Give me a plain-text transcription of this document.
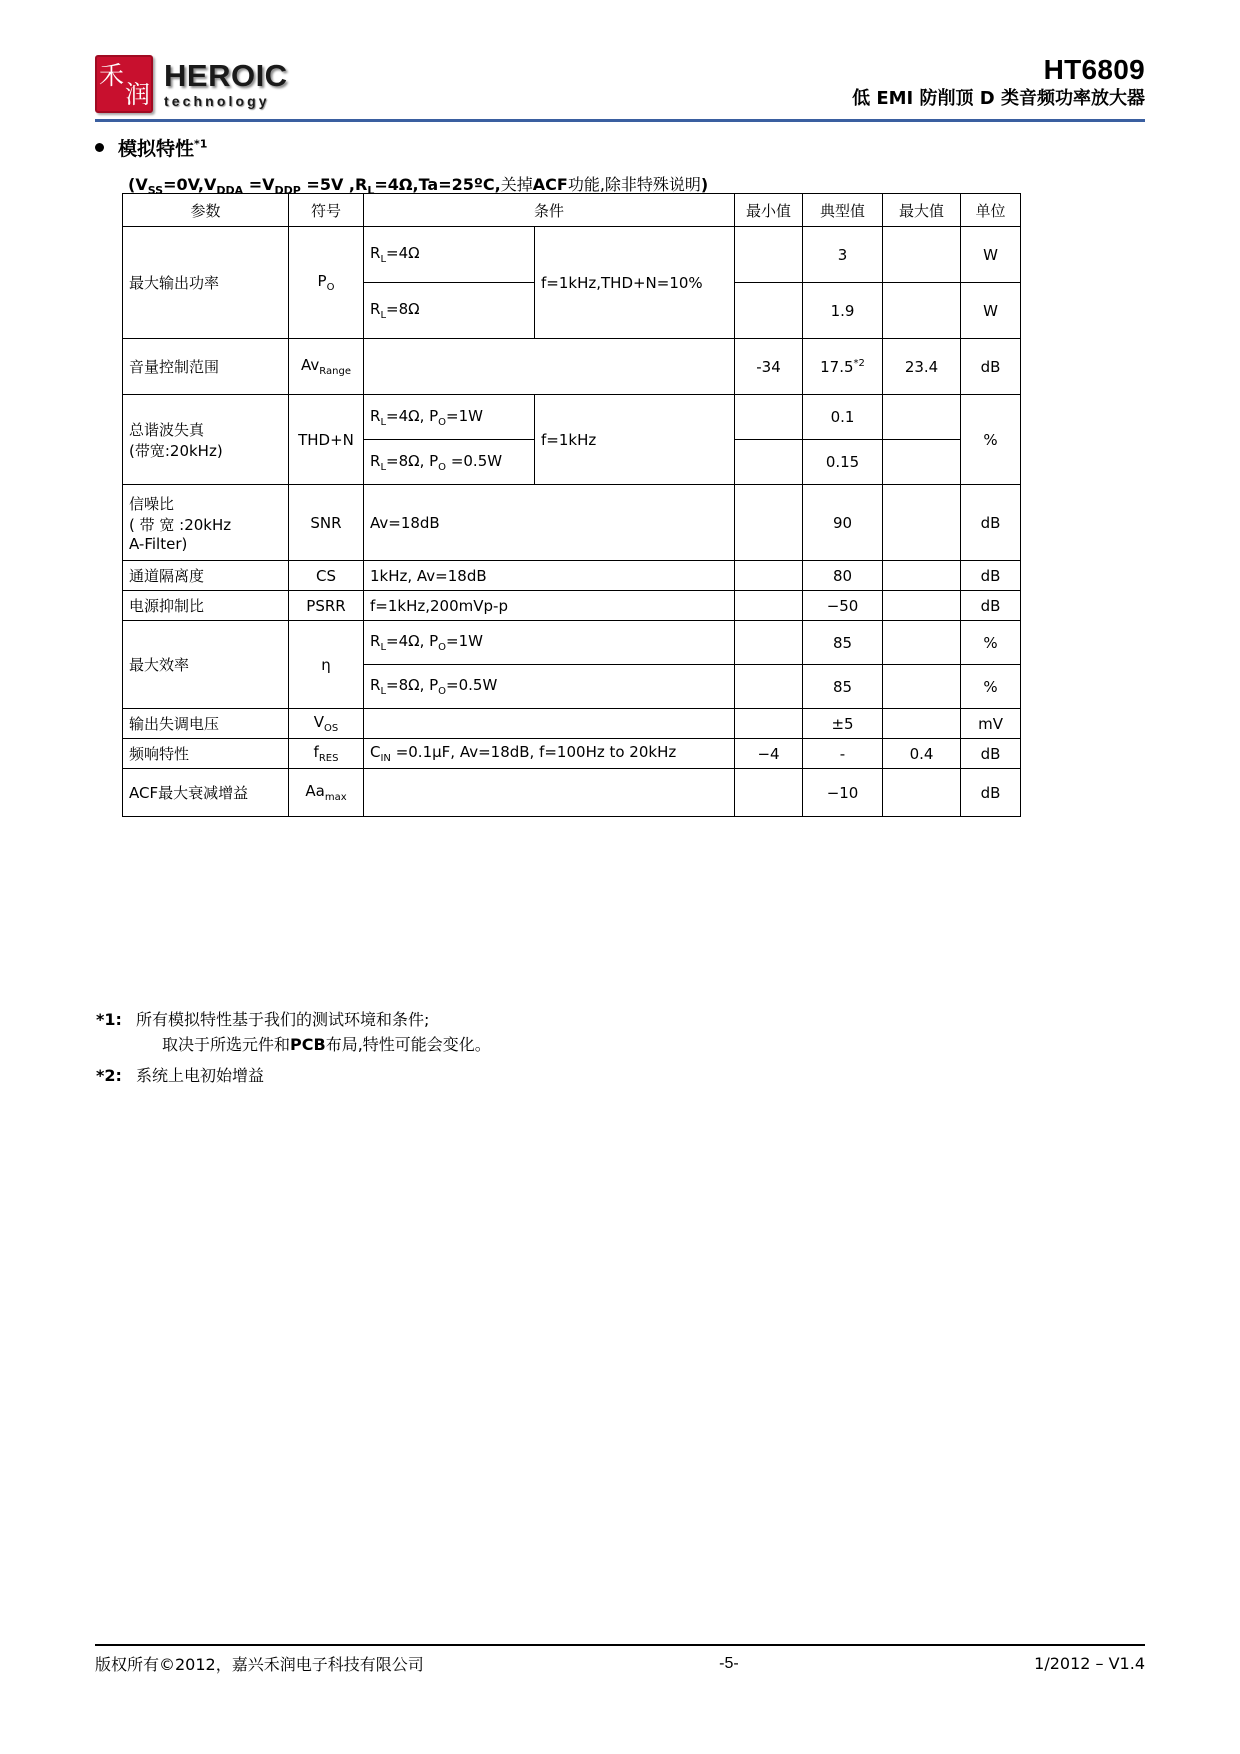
禾 润
HEROIC
technology
HT6809
低 EMI 防削顶 D 类音频功率放大器
模拟特性$^{*1}$
($V_{SS}=0V,V_{DDA} =V_{DDP} =5V$ $,R_L=4\Omega,Ta=25ºC$,关掉ACF功能,除非特殊说明)
参数	符号	条件		最小值	典型值	最大值	单位
最大输出功率	$P_O$	$R_L=4\Omega$	f=1kHz,THD+N=10%		3		W
		$R_L=8\Omega$			1.9		W
音量控制范围	$Av_{Range}$			-34	17.5$^{*2}$	23.4	dB

总谐波失真
(带宽:20kHz)	THD+N	$R_L=4\Omega$, $P_O=1W$	f=1kHz		0.1		%
		$R_L=8\Omega$, $P_O =0.5W$			0.15		

信噪比
( 带 宽 :20kHz
A-Filter)	SNR	Av=18dB			90		dB
通道隔离度	CS	1kHz, Av=18dB			80		dB
电源抑制比	PSRR	f=1kHz,200mVp-p			−50		dB
最大效率	η	$R_L=4\Omega$, $P_O=1W$			85		%
		$R_L=8\Omega$, $P_O=0.5W$			85		%
输出失调电压	$V_{OS}$				±5		mV
频响特性	$f_{RES}$	$C_{IN} =0.1\mu F$, Av=18dB, f=100Hz to 20kHz		−4	-	0.4	dB
ACF最大衰减增益	$Aa_{max}$				−10		dB
*1: 所有模拟特性基于我们的测试环境和条件;
取决于所选元件和PCB布局,特性可能会变化。
*2: 系统上电初始增益
版权所有©2012，嘉兴禾润电子科技有限公司	-5-	1/2012 – V1.4
